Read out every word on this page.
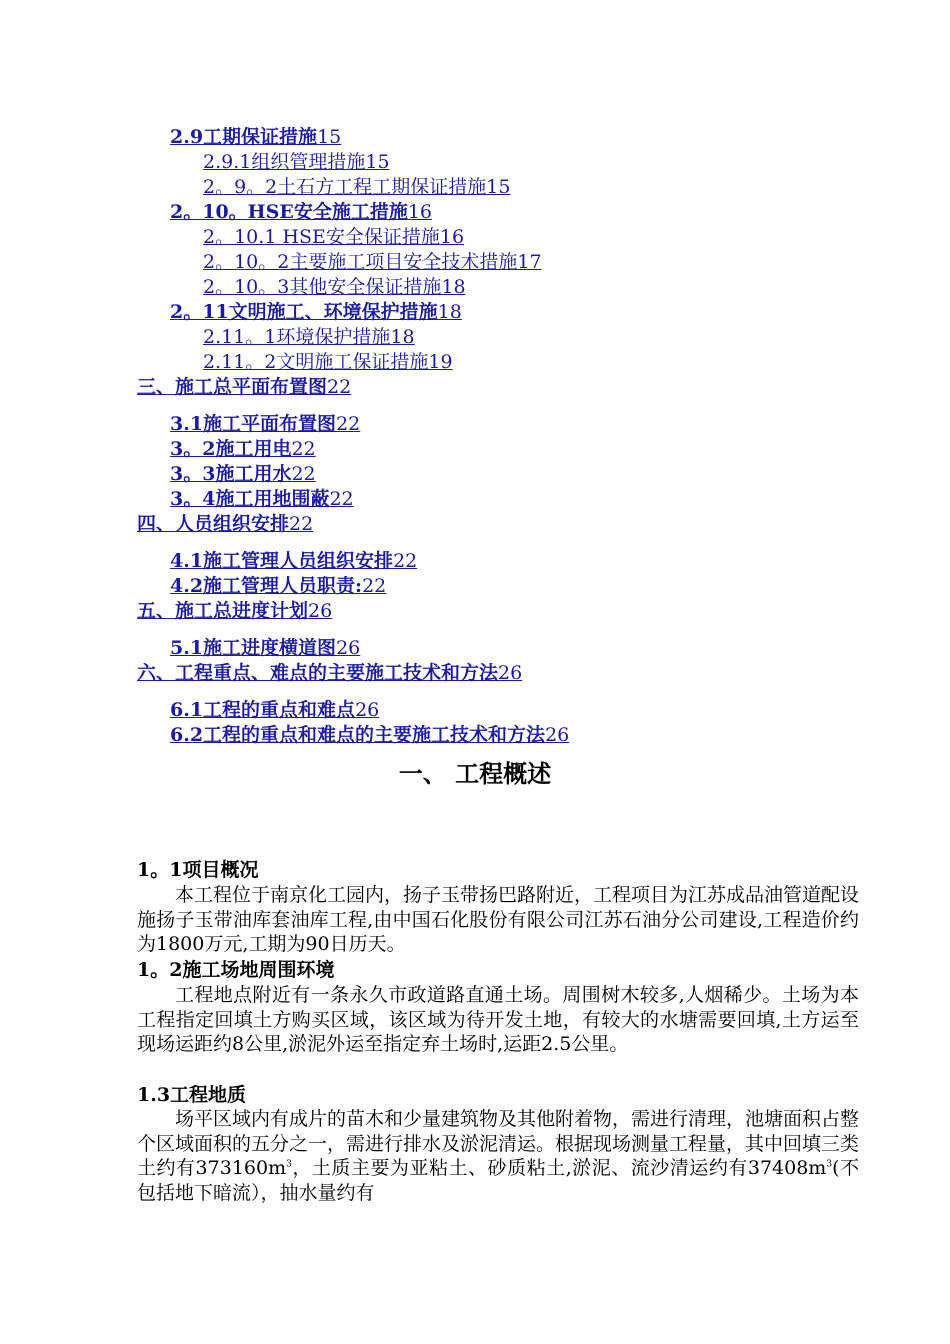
2.9工期保证措施15
2.9.1组织管理措施15
2。9。2土石方工程工期保证措施15
2。10。HSE安全施工措施16
2。10.1 HSE安全保证措施16
2。10。2主要施工项目安全技术措施17
2。10。3其他安全保证措施18
2。11文明施工、环境保护措施18
2.11。1环境保护措施18
2.11。2文明施工保证措施19
三、施工总平面布置图22
3.1施工平面布置图22
3。2施工用电22
3。3施工用水22
3。4施工用地围蔽22
四、人员组织安排22
4.1施工管理人员组织安排22
4.2施工管理人员职责:22
五、施工总进度计划26
5.1施工进度横道图26
六、工程重点、难点的主要施工技术和方法26
6.1工程的重点和难点26
6.2工程的重点和难点的主要施工技术和方法26
一、 工程概述
1。1项目概况
本工程位于南京化工园内，扬子玉带扬巴路附近，工程项目为江苏成品油管道配设施扬子玉带油库套油库工程,由中国石化股份有限公司江苏石油分公司建设,工程造价约为1800万元,工期为90日历天。
1。2施工场地周围环境
工程地点附近有一条永久市政道路直通土场。周围树木较多,人烟稀少。土场为本工程指定回填土方购买区域，该区域为待开发土地，有较大的水塘需要回填,土方运至现场运距约8公里,淤泥外运至指定弃土场时,运距2.5公里。
1.3工程地质
场平区域内有成片的苗木和少量建筑物及其他附着物，需进行清理，池塘面积占整个区域面积的五分之一，需进行排水及淤泥清运。根据现场测量工程量，其中回填三类土约有$373160m^3$，土质主要为亚粘土、砂质粘土,淤泥、流沙清运约有$37408m^3$(不包括地下暗流），抽水量约有
